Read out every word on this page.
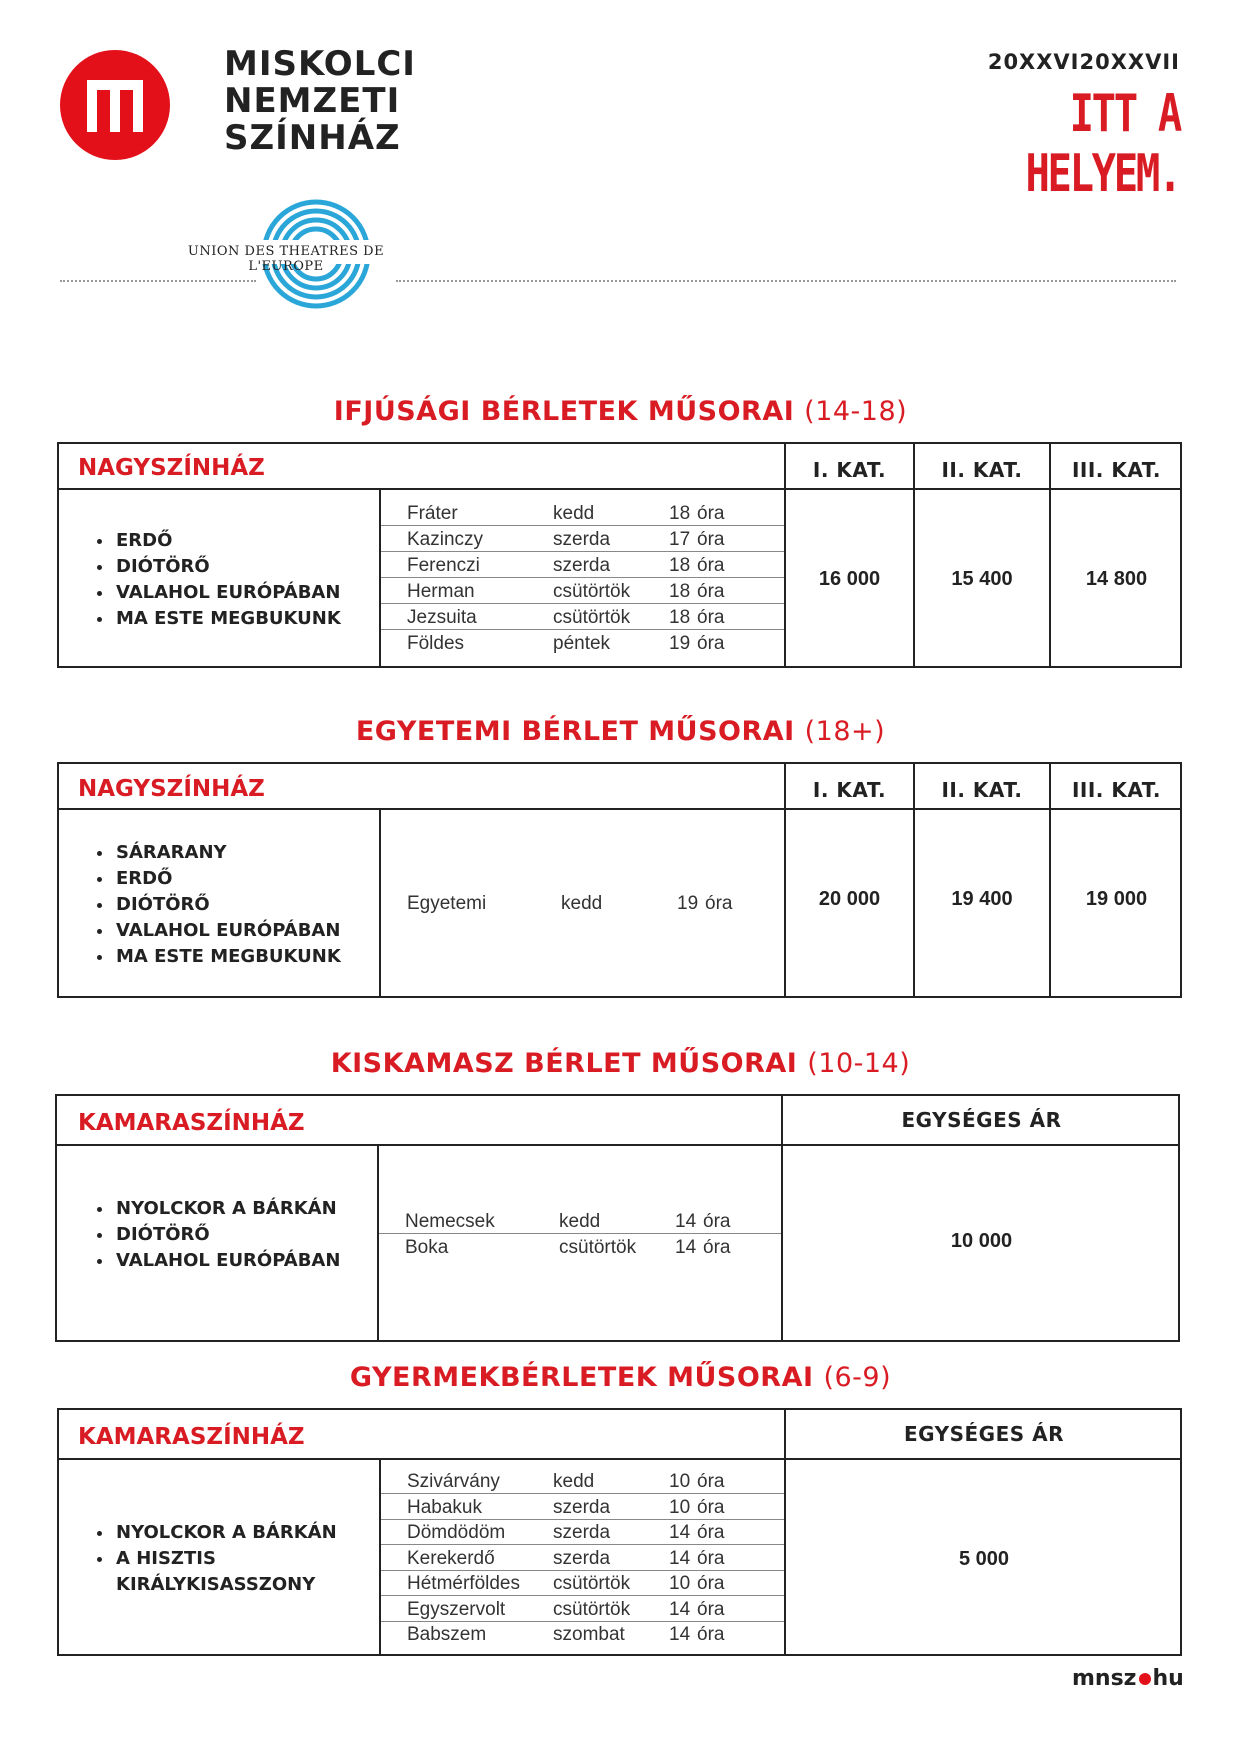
MISKOLCI
NEMZETI
SZÍNHÁZ
20XXVI20XXVII
ITT A HELYEM.
UNION DES THEATRES DE L'EUROPE
IFJÚSÁGI BÉRLETEK MŰSORAI (14-18)
NAGYSZÍNHÁZ	I. KAT.	II. KAT.	III. KAT.
• ERDŐ
• DIÓTÖRŐ
• VALAHOL EURÓPÁBAN
• MA ESTE MEGBUKUNK
Fráter	kedd	18 óra
Kazinczy	szerda	17 óra
Ferenczi	szerda	18 óra
Herman	csütörtök 18 óra
Jezsuita	csütörtök 18 óra
Földes	péntek	19 óra
16 000	15 400	14 800
EGYETEMI BÉRLET MŰSORAI (18+)
NAGYSZÍNHÁZ	I. KAT.	II. KAT.	III. KAT.
• SÁRARANY
• ERDŐ
• DIÓTÖRŐ
• VALAHOL EURÓPÁBAN
• MA ESTE MEGBUKUNK
Egyetemi	kedd	19 óra	20 000	19 400	19 000
KISKAMASZ BÉRLET MŰSORAI (10-14)
KAMARASZÍNHÁZ	EGYSÉGES ÁR
• NYOLCKOR A BÁRKÁN
• DIÓTÖRŐ
• VALAHOL EURÓPÁBAN
Nemecsek	kedd	14 óra
Boka	csütörtök 14 óra	10 000
GYERMEKBÉRLETEK MŰSORAI (6-9)
KAMARASZÍNHÁZ	EGYSÉGES ÁR
• NYOLCKOR A BÁRKÁN
• A HISZTIS KIRÁLYKISASSZONY
Szivárvány	kedd	10 óra
Habakuk	szerda	10 óra
Dömdödöm	szerda	14 óra
Kerekerdő	szerda	14 óra
Hétmérföldes csütörtök 10 óra
Egyszervolt	csütörtök 14 óra
Babszem	szombat 14 óra
5 000
mnsz hu
